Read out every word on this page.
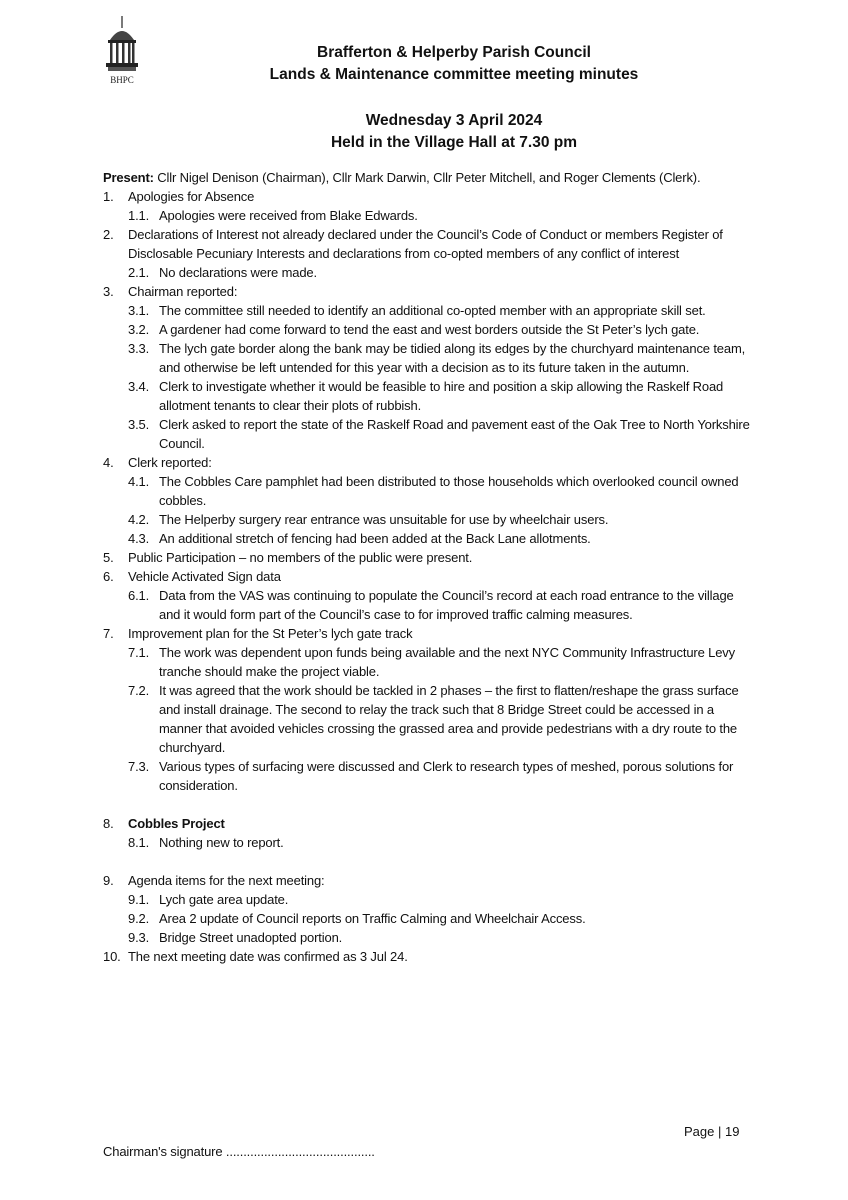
BHPC
Brafferton & Helperby Parish Council
Lands & Maintenance committee meeting minutes
Wednesday 3 April 2024
Held in the Village Hall at 7.30 pm
Present: Cllr Nigel Denison (Chairman), Cllr Mark Darwin, Cllr Peter Mitchell, and Roger Clements (Clerk).
1.	Apologies for Absence
1.1. Apologies were received from Blake Edwards.
2.	Declarations of Interest not already declared under the Council’s Code of Conduct or members Register of Disclosable Pecuniary Interests and declarations from co-opted members of any conflict of interest
2.1. No declarations were made.
3.	Chairman reported:
3.1. The committee still needed to identify an additional co-opted member with an appropriate skill set.
3.2. A gardener had come forward to tend the east and west borders outside the St Peter’s lych gate.
3.3. The lych gate border along the bank may be tidied along its edges by the churchyard maintenance team, and otherwise be left untended for this year with a decision as to its future taken in the autumn.
3.4. Clerk to investigate whether it would be feasible to hire and position a skip allowing the Raskelf Road allotment tenants to clear their plots of rubbish.
3.5. Clerk asked to report the state of the Raskelf Road and pavement east of the Oak Tree to North Yorkshire Council.
4.	Clerk reported:
4.1. The Cobbles Care pamphlet had been distributed to those households which overlooked council owned cobbles.
4.2. The Helperby surgery rear entrance was unsuitable for use by wheelchair users.
4.3. An additional stretch of fencing had been added at the Back Lane allotments.
5.	Public Participation – no members of the public were present.
6.	Vehicle Activated Sign data
6.1. Data from the VAS was continuing to populate the Council’s record at each road entrance to the village and it would form part of the Council’s case to for improved traffic calming measures.
7.	Improvement plan for the St Peter’s lych gate track
7.1. The work was dependent upon funds being available and the next NYC Community Infrastructure Levy tranche should make the project viable.
7.2. It was agreed that the work should be tackled in 2 phases – the first to flatten/reshape the grass surface and install drainage. The second to relay the track such that 8 Bridge Street could be accessed in a manner that avoided vehicles crossing the grassed area and provide pedestrians with a dry route to the churchyard.
7.3. Various types of surfacing were discussed and Clerk to research types of meshed, porous solutions for consideration.
8.	Cobbles Project
8.1. Nothing new to report.
9.	Agenda items for the next meeting:
9.1. Lych gate area update.
9.2. Area 2 update of Council reports on Traffic Calming and Wheelchair Access.
9.3. Bridge Street unadopted portion.
10. The next meeting date was confirmed as 3 Jul 24.
Page | 19
Chairman's signature ...........................................
